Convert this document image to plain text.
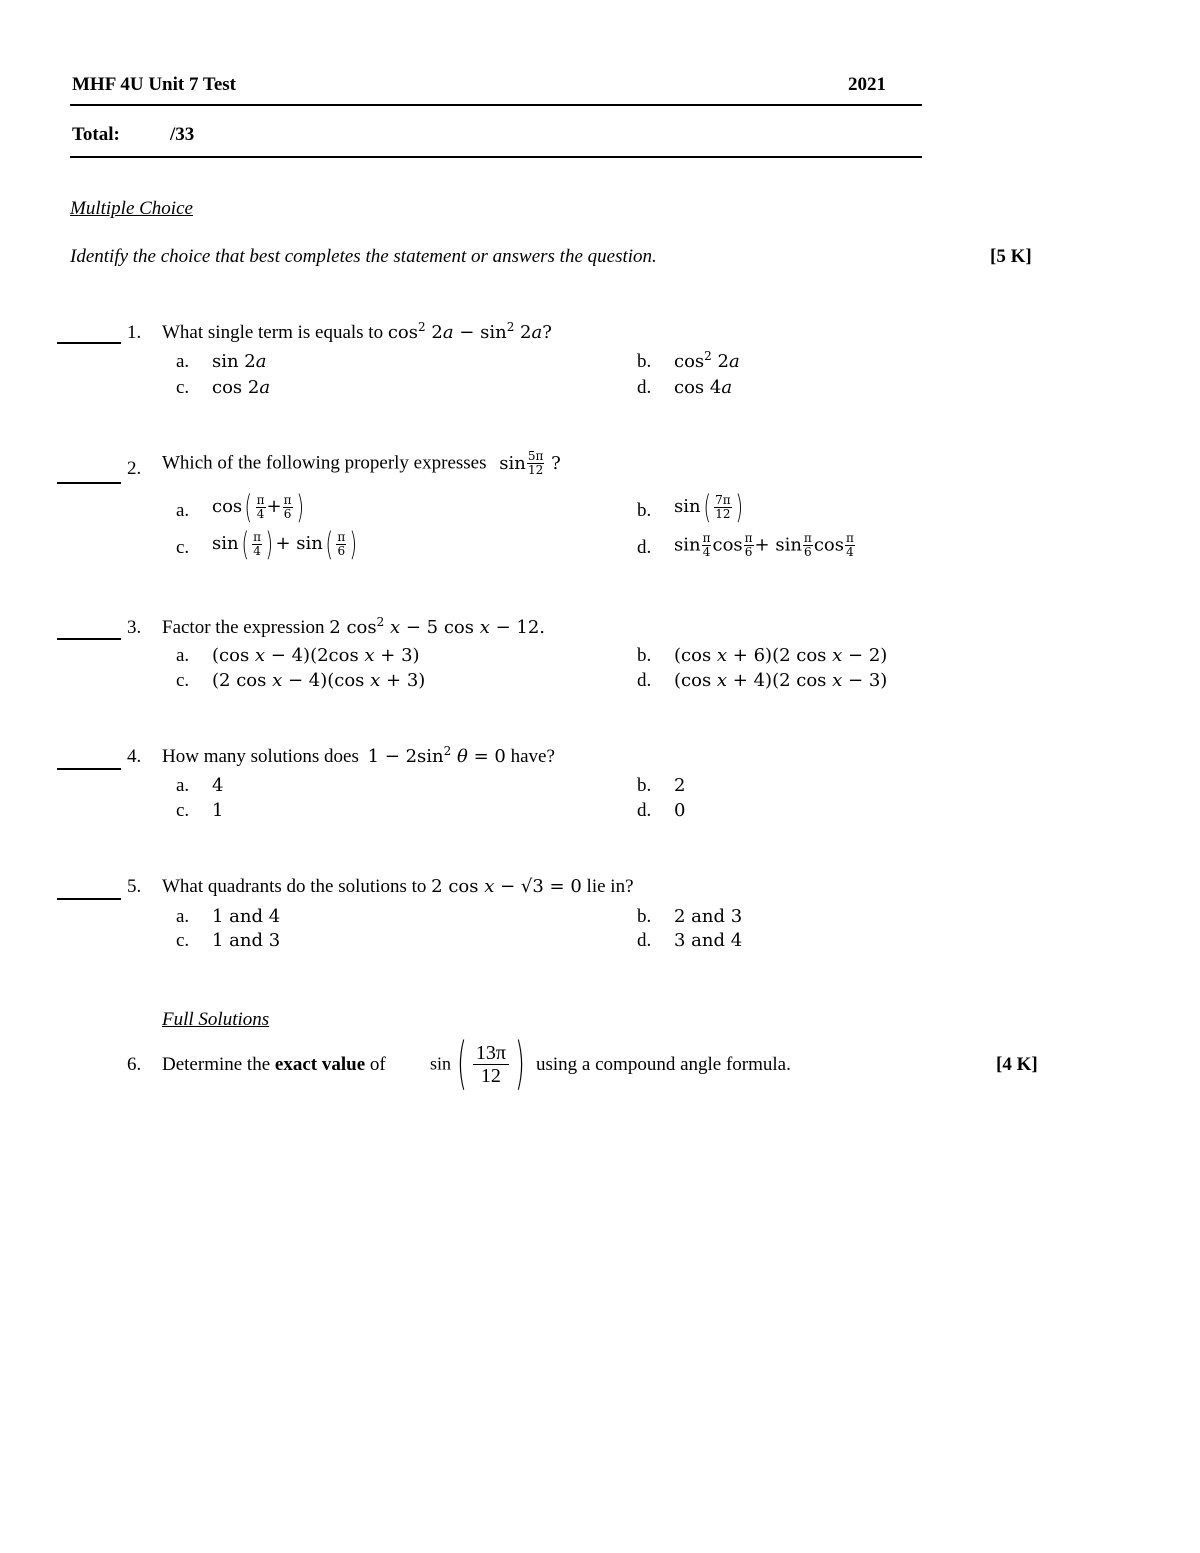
MHF 4U Unit 7 Test	2021
Total:	/33
Multiple Choice
Identify the choice that best completes the statement or answers the question.	[5 K]
1. What single term is equals to $\cos^2 2a - \sin^2 2a$?
a. sin 2a	b. $\cos^2 2a$
c. cos 2a	d. cos 4a
2. Which of the following properly expresses $\sin \frac{5\pi}{12}$ ?
a. $\cos( \frac{\pi}{4} + \frac{\pi}{6}$ )	b. $\sin( \frac{7\pi}{12}$ )
c. $\sin( \frac{\pi}{4}$ ) + $\sin( \frac{\pi}{6}$ )	d. $\sin \frac{\pi}{4}$ $\cos \frac{\pi}{6} + \sin \frac{\pi}{6}$ $\cos \frac{\pi}{4}$
3. Factor the expression 2 $\cos^2 x - 5$ cos x − 12.
a. (cos x − 4)(2cos x + 3)	b. (cos x + 6)(2 cos x − 2)
c. (2 cos x − 4)(cos x + 3)	d. (cos x + 4)(2 cos x − 3)
4. How many solutions does $1 - 2\sin^2$ θ = 0 have?
a. 4	b. 2
c. 1	d. 0
5. What quadrants do the solutions to 2 cos x − √3 = 0 lie in?
a. 1 and 4	b. 2 and 3
c. 1 and 3	d. 3 and 4
Full Solutions
6. Determine the exact value of sin ( $\frac{13\pi}{12}$ ) using a compound angle formula.	[4 K]
